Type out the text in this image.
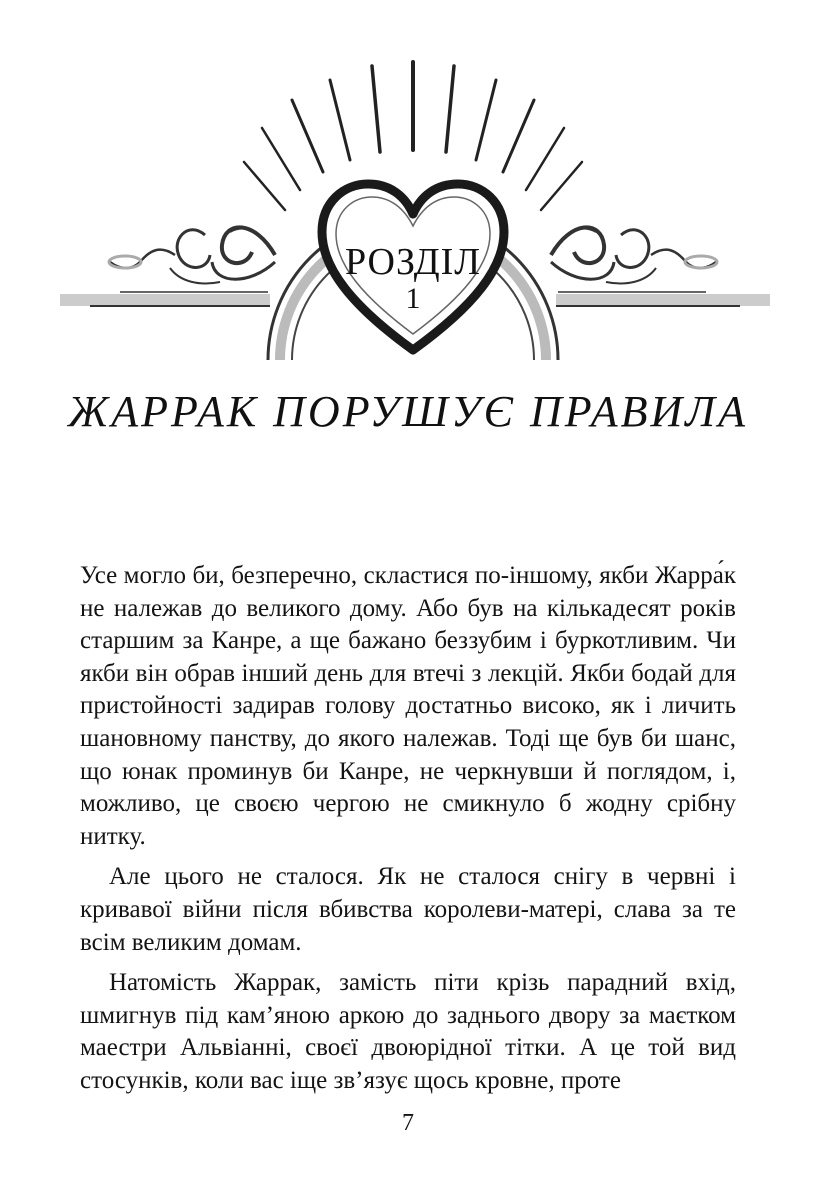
РОЗДІЛ
1
ЖАРРАК ПОРУШУЄ ПРАВИЛА

Усе могло би, безперечно, скластися по-іншому, якби Жарра́к не належав до великого дому. Або був на кількадесят років старшим за Канре, а ще бажано беззубим і буркотливим. Чи якби він обрав інший день для втечі з лекцій. Якби бодай для пристойності задирав голову достатньо високо, як і личить шановному панству, до якого належав. Тоді ще був би шанс, що юнак проминув би Канре, не черкнувши й поглядом, і, можливо, це своєю чергою не смикнуло б жодну срібну нитку.

Але цього не сталося. Як не сталося снігу в червні і кривавої війни після вбивства королеви-матері, слава за те всім великим домам.

Натомість Жаррак, замість піти крізь парадний вхід, шмигнув під кам’яною аркою до заднього двору за маєтком маестри Альвіанні, своєї двоюрідної тітки. А це той вид стосунків, коли вас іще зв’язує щось кровне, проте

7
